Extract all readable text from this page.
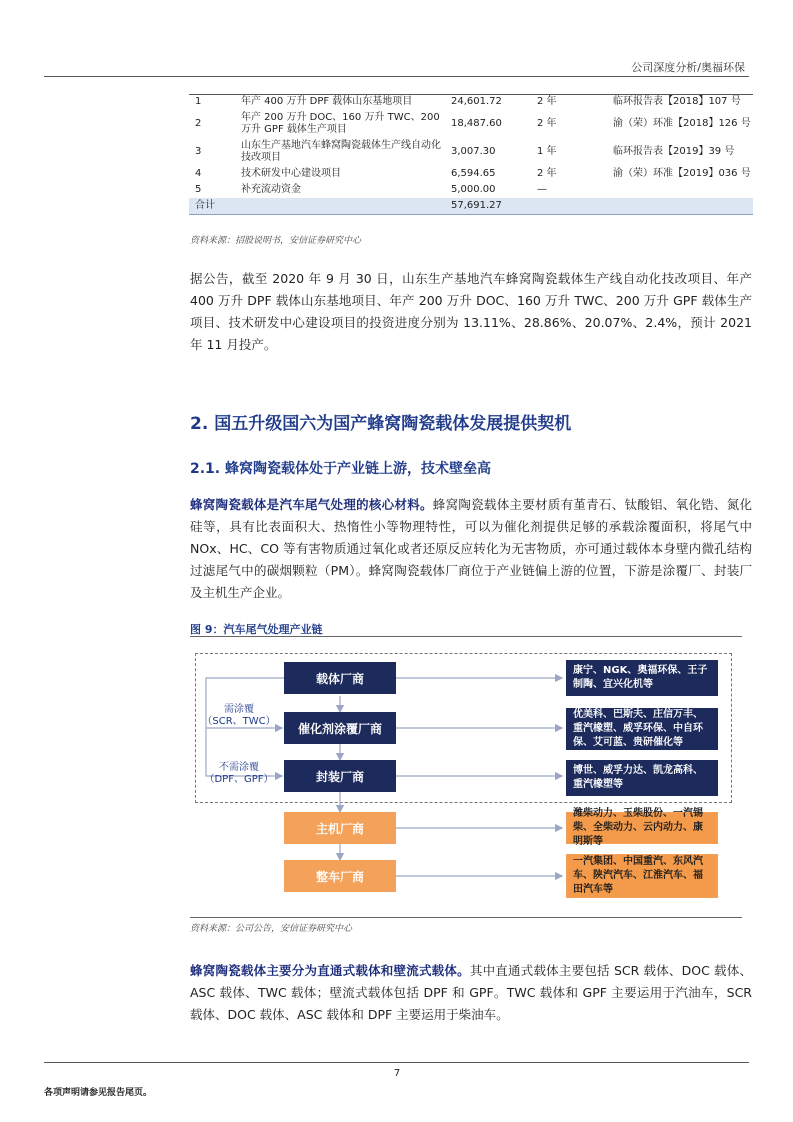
公司深度分析/奥福环保
1	年产 400 万升 DPF 载体山东基地项目	24,601.72	2 年	临环报告表【2018】107 号
2	年产 200 万升 DOC、160 万升 TWC、200 万升 GPF 载体生产项目	18,487.60	2 年	渝（荣）环准【2018】126 号
3	山东生产基地汽车蜂窝陶瓷载体生产线自动化技改项目	3,007.30	1 年	临环报告表【2019】39 号
4	技术研发中心建设项目	6,594.65	2 年	渝（荣）环准【2019】036 号
5	补充流动资金	5,000.00	—	
合计		57,691.27		
资料来源：招股说明书，安信证券研究中心
据公告，截至 2020 年 9 月 30 日，山东生产基地汽车蜂窝陶瓷载体生产线自动化技改项目、年产 400 万升 DPF 载体山东基地项目、年产 200 万升 DOC、160 万升 TWC、200 万升 GPF 载体生产项目、技术研发中心建设项目的投资进度分别为 13.11%、28.86%、20.07%、2.4%，预计 2021 年 11 月投产。
2. 国五升级国六为国产蜂窝陶瓷载体发展提供契机
2.1. 蜂窝陶瓷载体处于产业链上游，技术壁垒高
蜂窝陶瓷载体是汽车尾气处理的核心材料。蜂窝陶瓷载体主要材质有堇青石、钛酸铝、氧化锆、氮化硅等，具有比表面积大、热惰性小等物理特性，可以为催化剂提供足够的承载涂覆面积，将尾气中 NOx、HC、CO 等有害物质通过氧化或者还原反应转化为无害物质，亦可通过载体本身壁内微孔结构过滤尾气中的碳烟颗粒（PM）。蜂窝陶瓷载体厂商位于产业链偏上游的位置，下游是涂覆厂、封装厂及主机生产企业。
图 9：汽车尾气处理产业链
载体厂商
催化剂涂覆厂商
封装厂商
主机厂商
整车厂商
需涂覆
（SCR、TWC）
不需涂覆
（DPF、GPF）
康宁、NGK、奥福环保、王子制陶、宜兴化机等
优美科、巴斯夫、庄信万丰、重汽橡塑、威孚环保、中自环保、艾可蓝、贵研催化等
博世、威孚力达、凯龙高科、重汽橡塑等
潍柴动力、玉柴股份、一汽锡柴、全柴动力、云内动力、康明斯等
一汽集团、中国重汽、东风汽车、陕汽汽车、江淮汽车、福田汽车等
资料来源：公司公告，安信证券研究中心
蜂窝陶瓷载体主要分为直通式载体和壁流式载体。其中直通式载体主要包括 SCR 载体、DOC 载体、ASC 载体、TWC 载体；壁流式载体包括 DPF 和 GPF。TWC 载体和 GPF 主要运用于汽油车，SCR 载体、DOC 载体、ASC 载体和 DPF 主要运用于柴油车。
7
各项声明请参见报告尾页。
